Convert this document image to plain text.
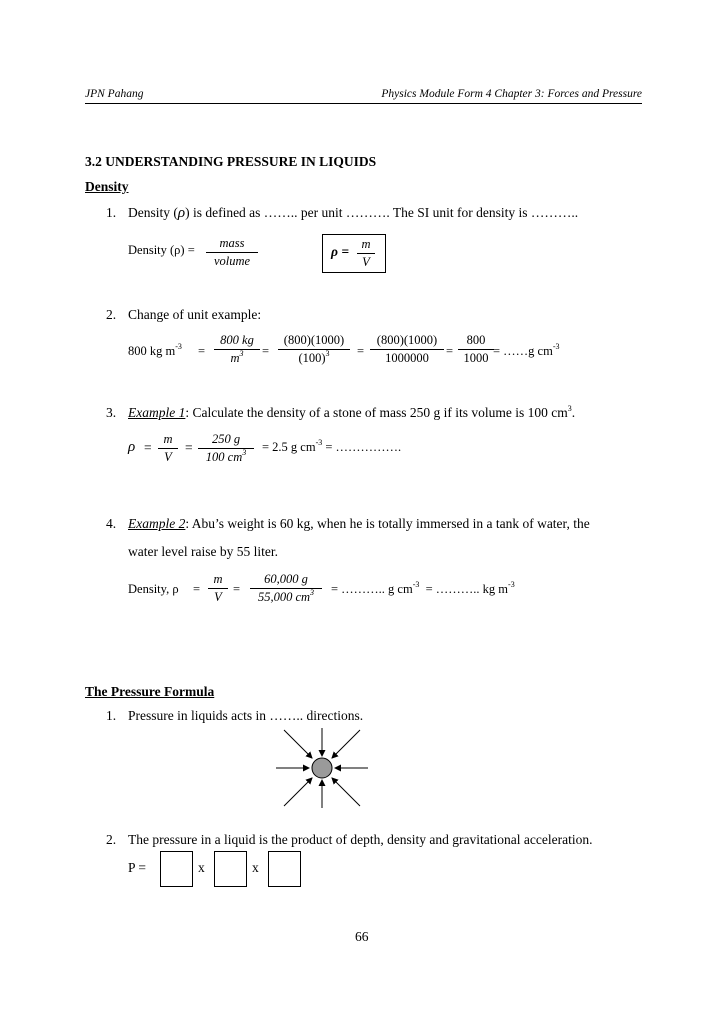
JPN Pahang	Physics Module Form 4 Chapter 3: Forces and Pressure
3.2 UNDERSTANDING PRESSURE IN LIQUIDS
Density
1. Density (ρ) is defined as …….. per unit ………. The SI unit for density is ………..
Density (ρ) =	mass
volume
$\rho = \frac{m}{V}$
2. Change of unit example:
800 kg $m^{-3} = \frac{800 kg}{m^3} = \frac{(800)(1000)}{(100)^3} = \frac{(800)(1000)}{1000000} = \frac{800}{1000}$ = ……g $cm^{-3}$
3. Example 1: Calculate the density of a stone of mass 250 g if its volume is 100 $cm^3$.
$\rho = \frac{m}{V} = \frac{250 g}{100 cm^3} = 2.5$ g $cm^{-3}$ = …………….
4. Example 2: Abu’s weight is 60 kg, when he is totally immersed in a tank of water, the
water level raise by 55 liter.
Density, $\rho = \frac{m}{V} = \frac{60,000 g}{55,000 cm^3}$ = ……….. g $cm^{-3}$ = ……….. kg $m^{-3}$
The Pressure Formula
1. Pressure in liquids acts in …….. directions.
2. The pressure in a liquid is the product of depth, density and gravitational acceleration.
P =	x	x
66
